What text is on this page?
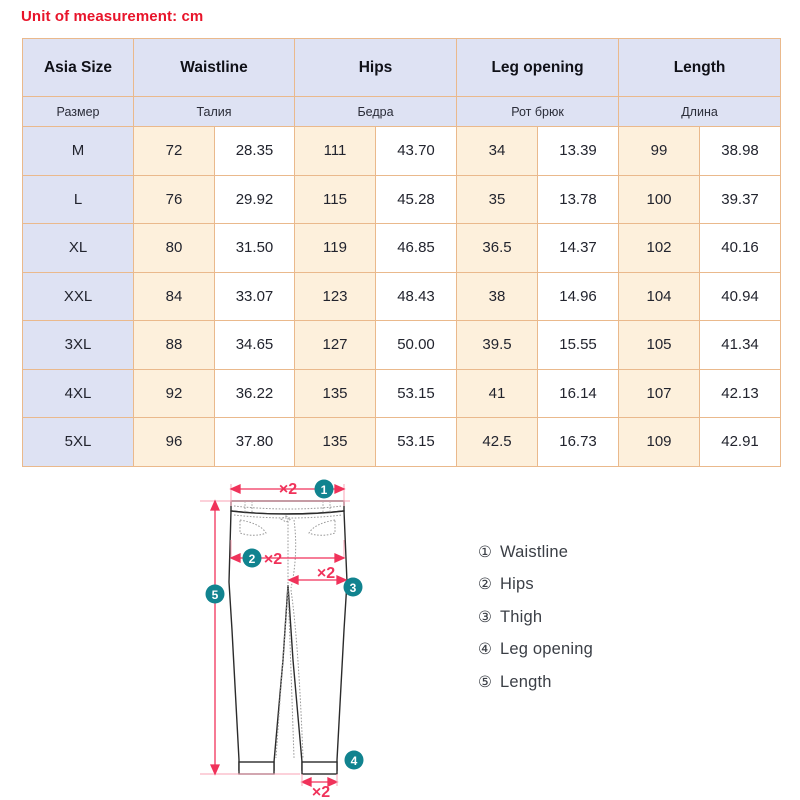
Unit of measurement: cm
Asia Size	Waistline		Hips		Leg opening		Length	
Размер	Талия		Бедра		Рот брюк		Длина	
M	72	28.35	111	43.70	34	13.39	99	38.98
L	76	29.92	115	45.28	35	13.78	100	39.37
XL	80	31.50	119	46.85	36.5	14.37	102	40.16
XXL	84	33.07	123	48.43	38	14.96	104	40.94
3XL	88	34.65	127	50.00	39.5	15.55	105	41.34
4XL	92	36.22	135	53.15	41	16.14	107	42.13
5XL	96	37.80	135	53.15	42.5	16.73	109	42.91
×2
×2
×2
×2
1
2
3
4
5
① Waistline
② Hips
③ Thigh
④ Leg opening
⑤ Length
